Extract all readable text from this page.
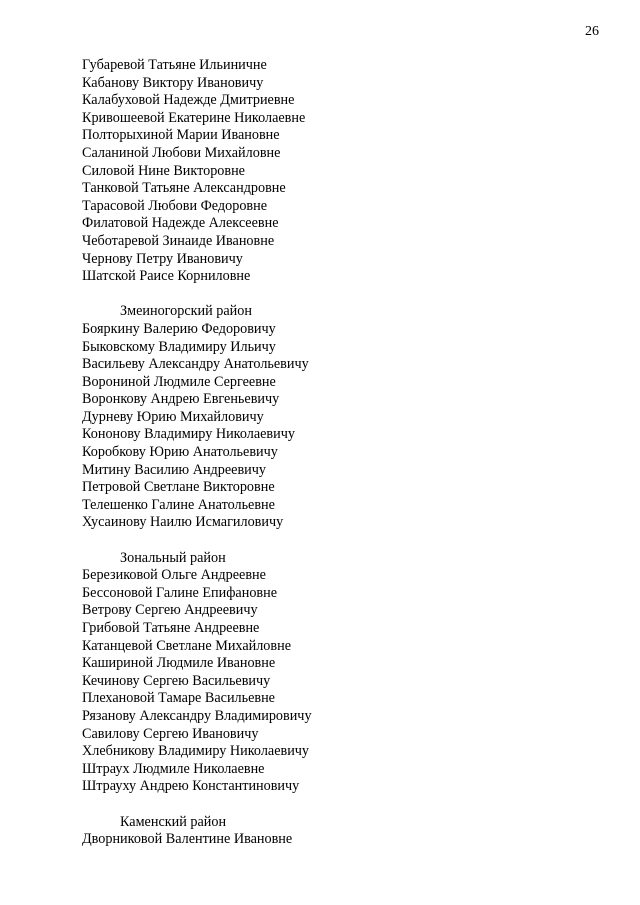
26
Губаревой Татьяне Ильиничне
Кабанову Виктору Ивановичу
Калабуховой Надежде Дмитриевне
Кривошеевой Екатерине Николаевне
Полторыхиной Марии Ивановне
Саланиной Любови Михайловне
Силовой Нине Викторовне
Танковой Татьяне Александровне
Тарасовой Любови Федоровне
Филатовой Надежде Алексеевне
Чеботаревой Зинаиде Ивановне
Чернову Петру Ивановичу
Шатской Раисе Корниловне
Змеиногорский район
Бояркину Валерию Федоровичу
Быковскому Владимиру Ильичу
Васильеву Александру Анатольевичу
Ворониной Людмиле Сергеевне
Воронкову Андрею Евгеньевичу
Дурневу Юрию Михайловичу
Кононову Владимиру Николаевичу
Коробкову Юрию Анатольевичу
Митину Василию Андреевичу
Петровой Светлане Викторовне
Телешенко Галине Анатольевне
Хусаинову Наилю Исмагиловичу
Зональный район
Березиковой Ольге Андреевне
Бессоновой Галине Епифановне
Ветрову Сергею Андреевичу
Грибовой Татьяне Андреевне
Катанцевой Светлане Михайловне
Кашириной Людмиле Ивановне
Кечинову Сергею Васильевичу
Плехановой Тамаре Васильевне
Рязанову Александру Владимировичу
Савилову Сергею Ивановичу
Хлебникову Владимиру Николаевичу
Штраух Людмиле Николаевне
Штрауху Андрею Константиновичу
Каменский район
Дворниковой Валентине Ивановне
